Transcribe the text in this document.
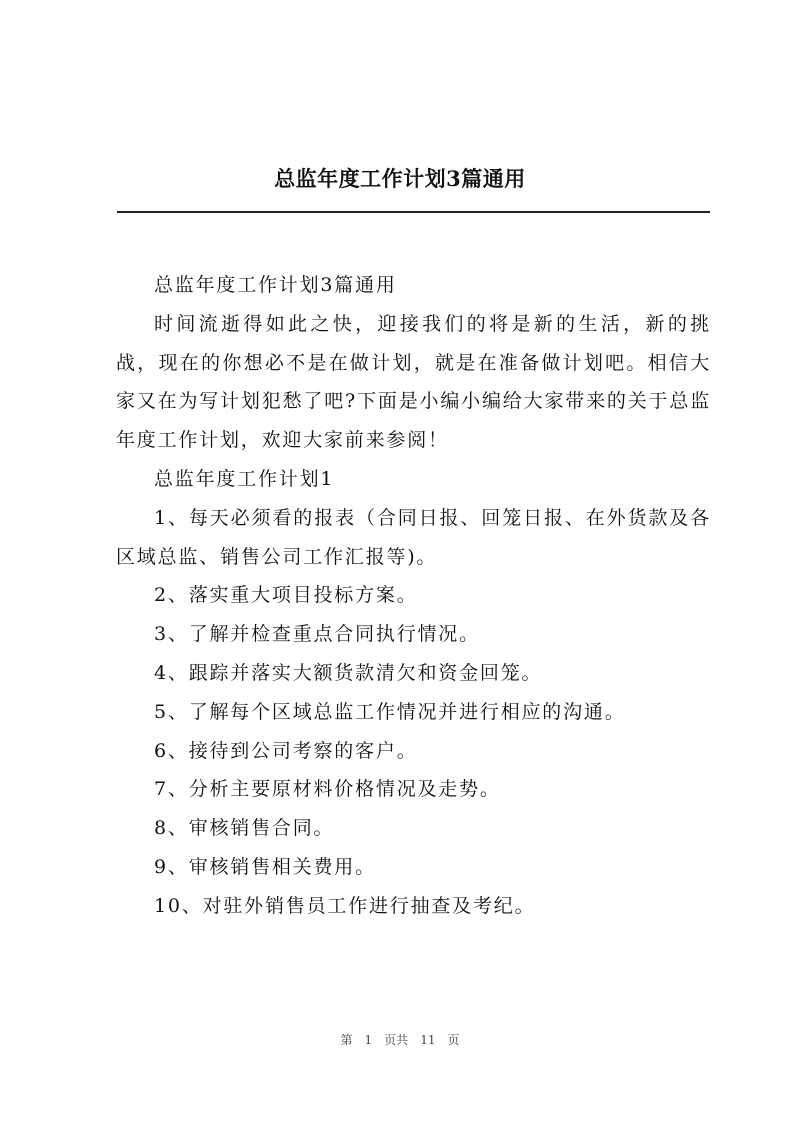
总监年度工作计划3篇通用

总监年度工作计划3篇通用

时间流逝得如此之快，迎接我们的将是新的生活，新的挑战，现在的你想必不是在做计划，就是在准备做计划吧。相信大家又在为写计划犯愁了吧?下面是小编小编给大家带来的关于总监年度工作计划，欢迎大家前来参阅！

总监年度工作计划1

1、每天必须看的报表（合同日报、回笼日报、在外货款及各区域总监、销售公司工作汇报等)。

2、落实重大项目投标方案。

3、了解并检查重点合同执行情况。

4、跟踪并落实大额货款清欠和资金回笼。

5、了解每个区域总监工作情况并进行相应的沟通。

6、接待到公司考察的客户。

7、分析主要原材料价格情况及走势。

8、审核销售合同。

9、审核销售相关费用。

10、对驻外销售员工作进行抽查及考纪。

第 1 页共 11 页
